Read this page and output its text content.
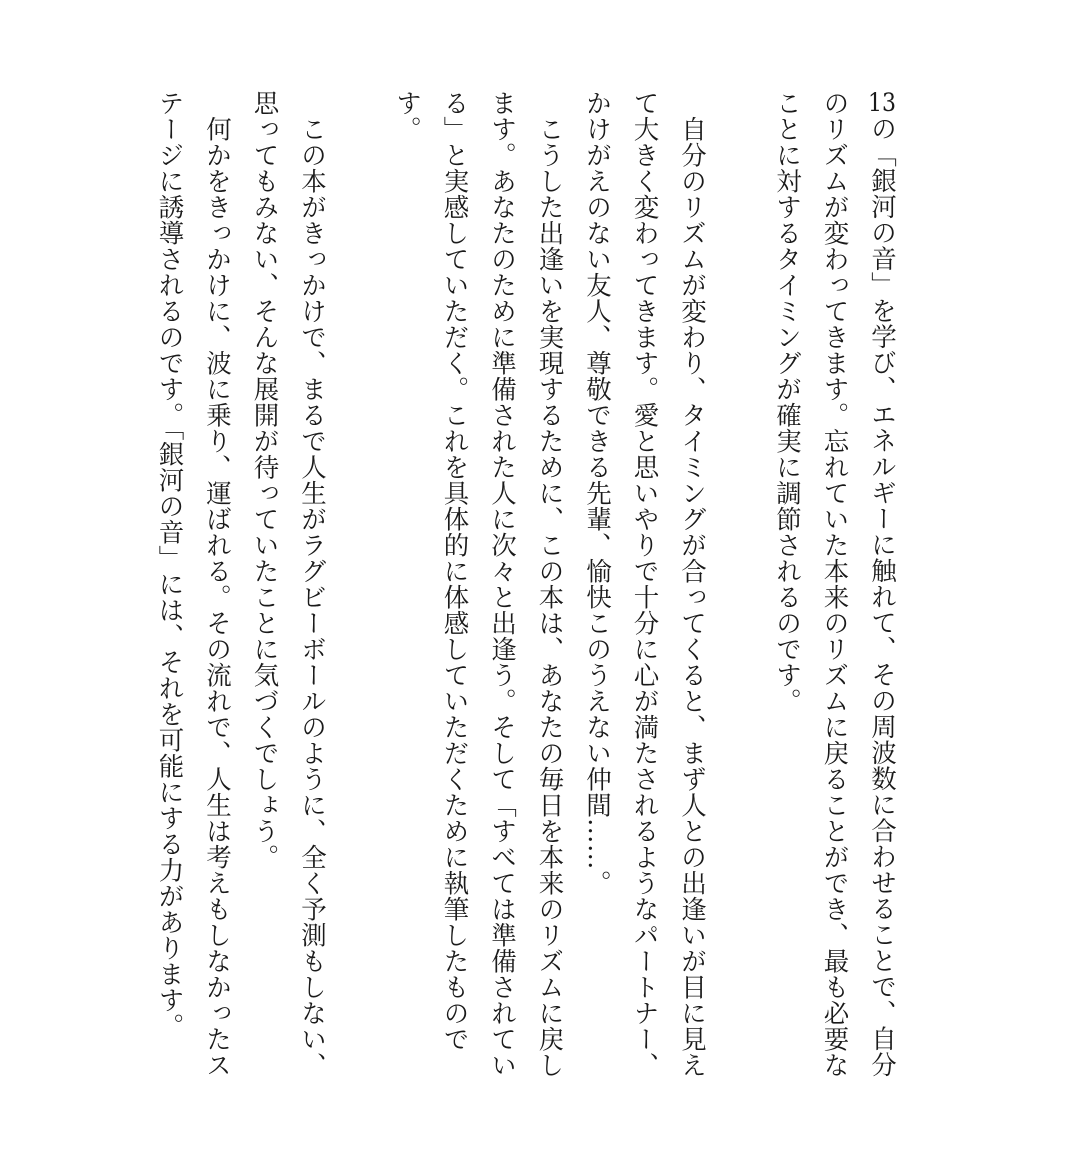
13の「銀河の音」を学び、エネルギーに触れて、その周波数に合わせることで、自分のリズムが変わってきます。忘れていた本来のリズムに戻ることができ、最も必要なことに対するタイミングが確実に調節されるのです。

自分のリズムが変わり、タイミングが合ってくると、まず人との出逢いが目に見えて大きく変わってきます。愛と思いやりで十分に心が満たされるようなパートナー、かけがえのない友人、尊敬できる先輩、愉快このうえない仲間……。

こうした出逢いを実現するために、この本は、あなたの毎日を本来のリズムに戻します。あなたのために準備された人に次々と出逢う。そして「すべては準備されている」と実感していただく。これを具体的に体感していただくために執筆したものです。

この本がきっかけで、まるで人生がラグビーボールのように、全く予測もしない、思ってもみない、そんな展開が待っていたことに気づくでしょう。

何かをきっかけに、波に乗り、運ばれる。その流れで、人生は考えもしなかったステージに誘導されるのです。「銀河の音」には、それを可能にする力があります。
